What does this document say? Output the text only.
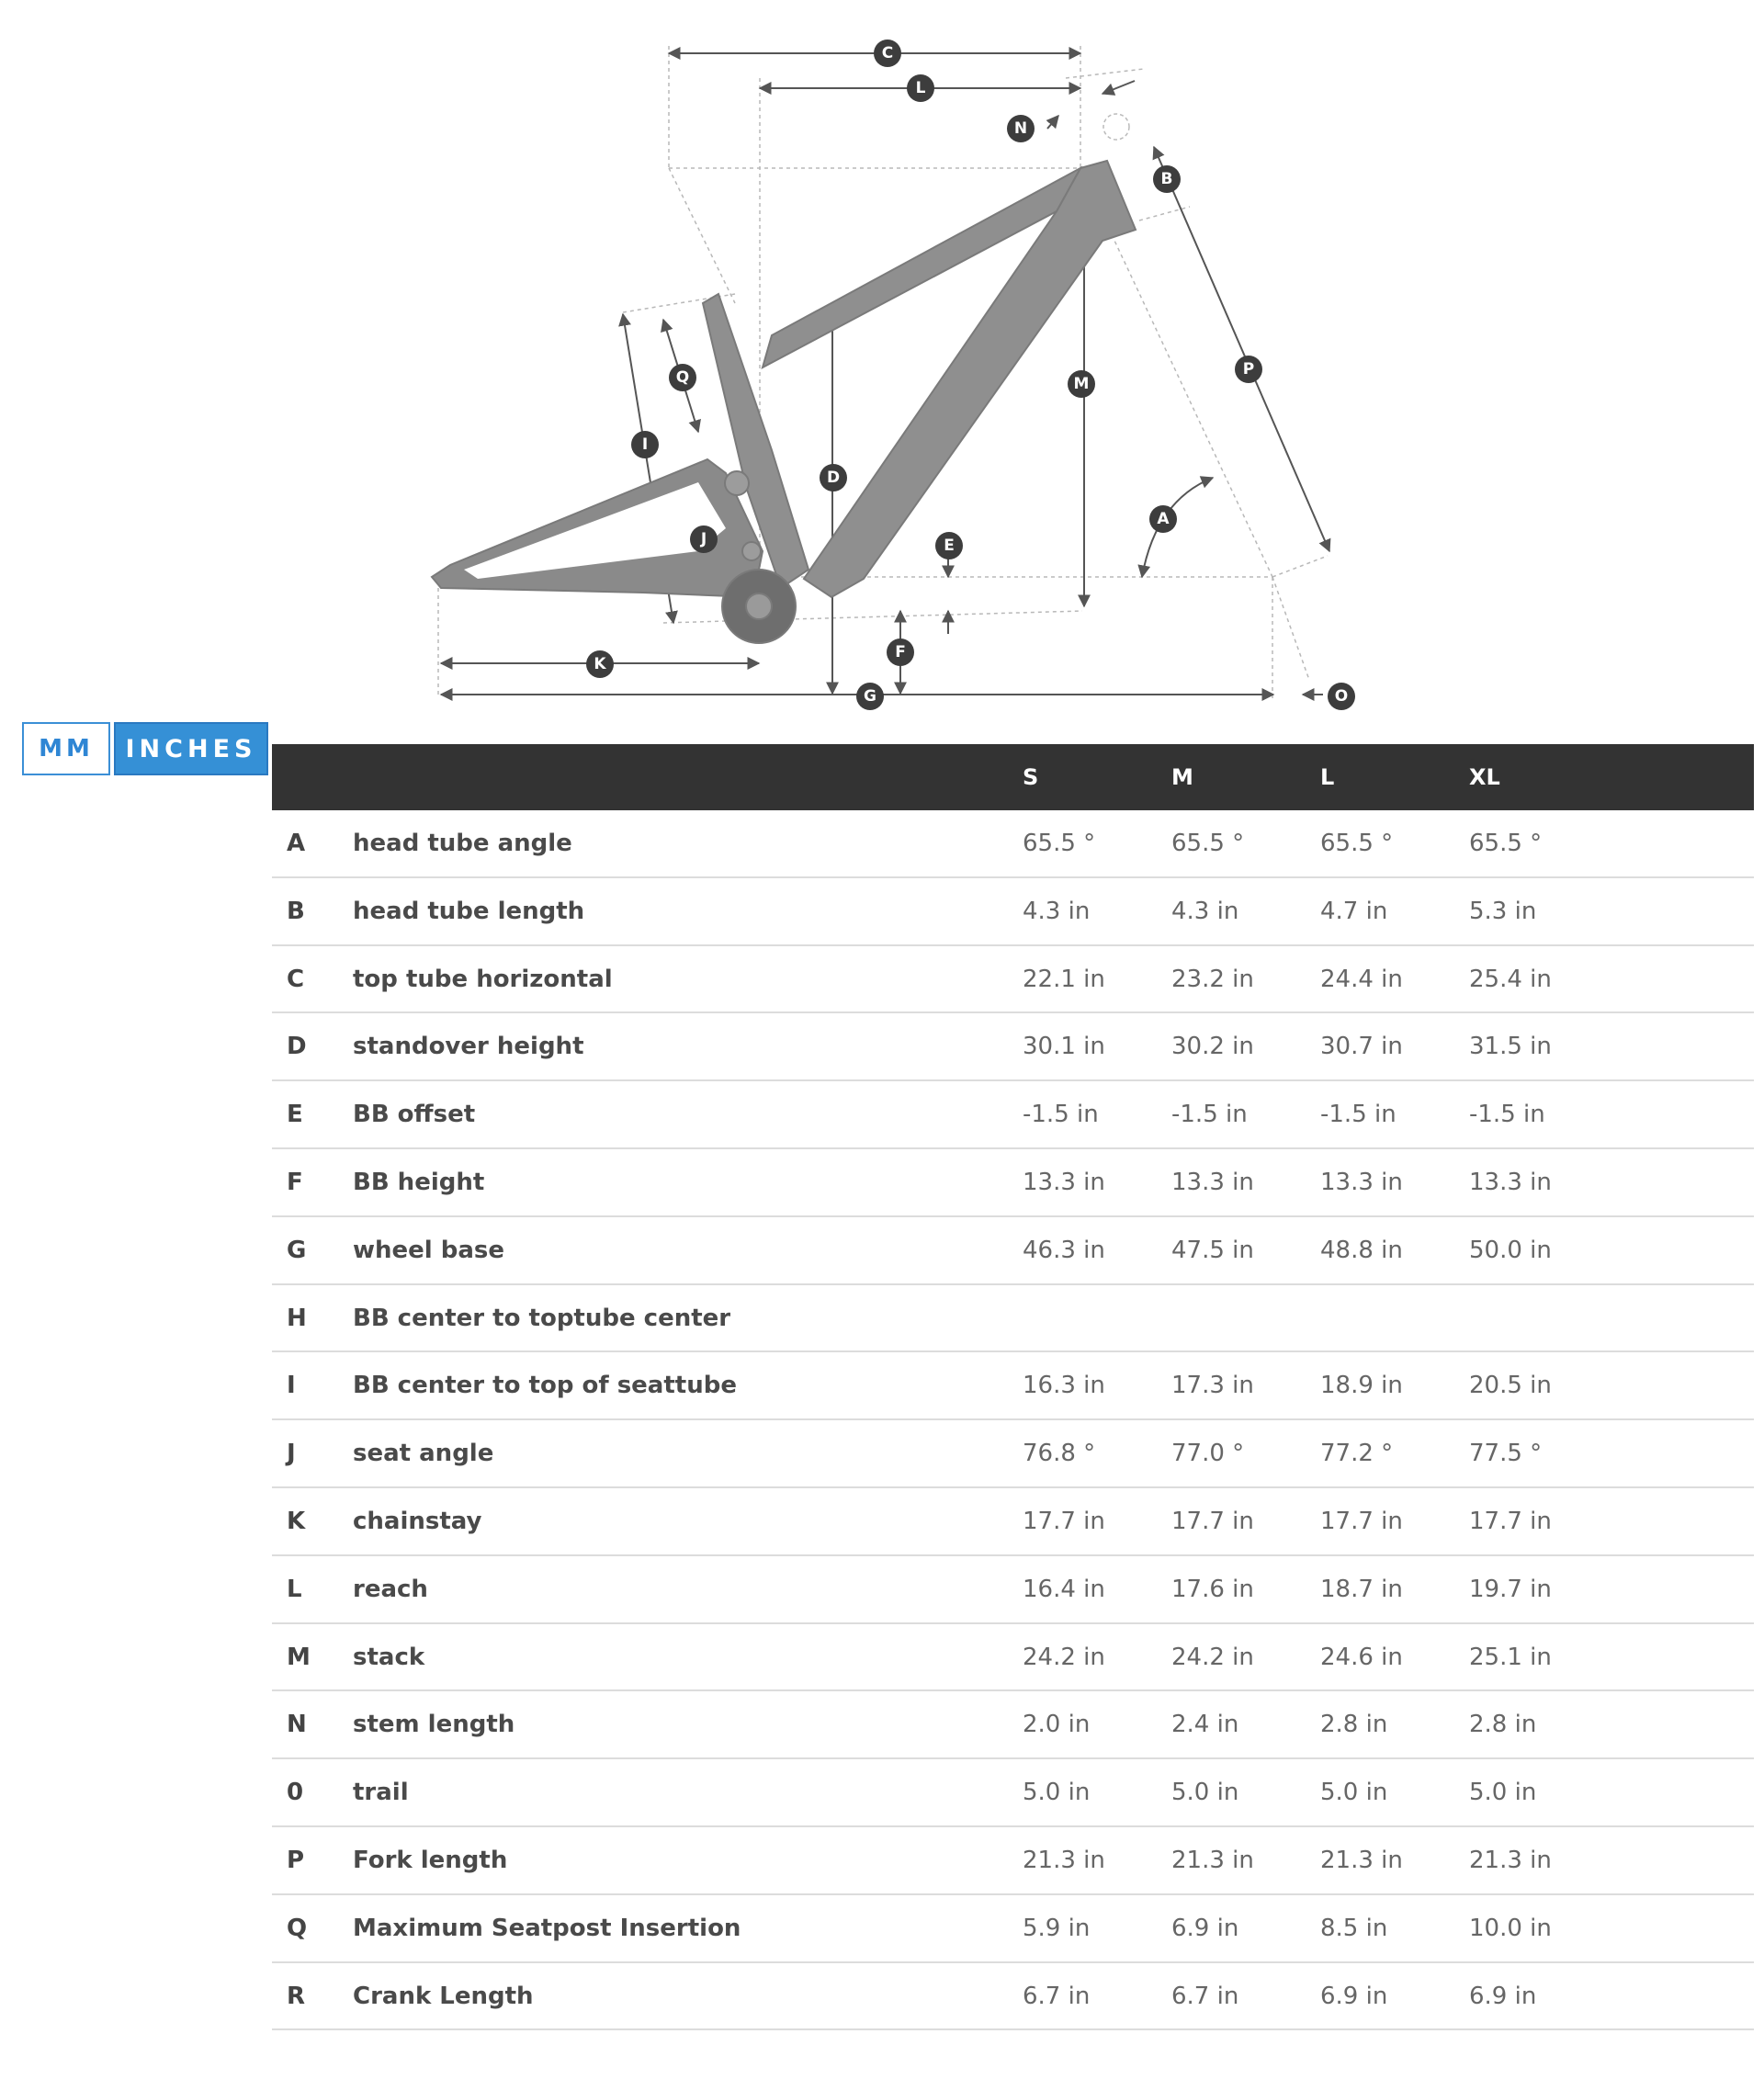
C
L
N
B
P
M
Q
I
D
A
J	E
F
K
G	O
MM	INCHES
S	M	L	XL
A head tube angle	65.5 °	65.5 °	65.5 °	65.5 °
B head tube length	4.3 in	4.3 in	4.7 in	5.3 in
C top tube horizontal	22.1 in	23.2 in	24.4 in	25.4 in
D standover height	30.1 in	30.2 in	30.7 in	31.5 in
E BB offset	-1.5 in	-1.5 in	-1.5 in	-1.5 in
F BB height	13.3 in	13.3 in	13.3 in	13.3 in
G wheel base	46.3 in	47.5 in	48.8 in	50.0 in
H BB center to toptube center
I BB center to top of seattube	16.3 in	17.3 in	18.9 in	20.5 in
J seat angle	76.8 °	77.0 °	77.2 °	77.5 °
K chainstay	17.7 in	17.7 in	17.7 in	17.7 in
L reach	16.4 in	17.6 in	18.7 in	19.7 in
M stack	24.2 in	24.2 in	24.6 in	25.1 in
N stem length	2.0 in	2.4 in	2.8 in	2.8 in
0 trail	5.0 in	5.0 in	5.0 in	5.0 in
P Fork length	21.3 in	21.3 in	21.3 in	21.3 in
Q Maximum Seatpost Insertion	5.9 in	6.9 in	8.5 in	10.0 in
R Crank Length	6.7 in	6.7 in	6.9 in	6.9 in
